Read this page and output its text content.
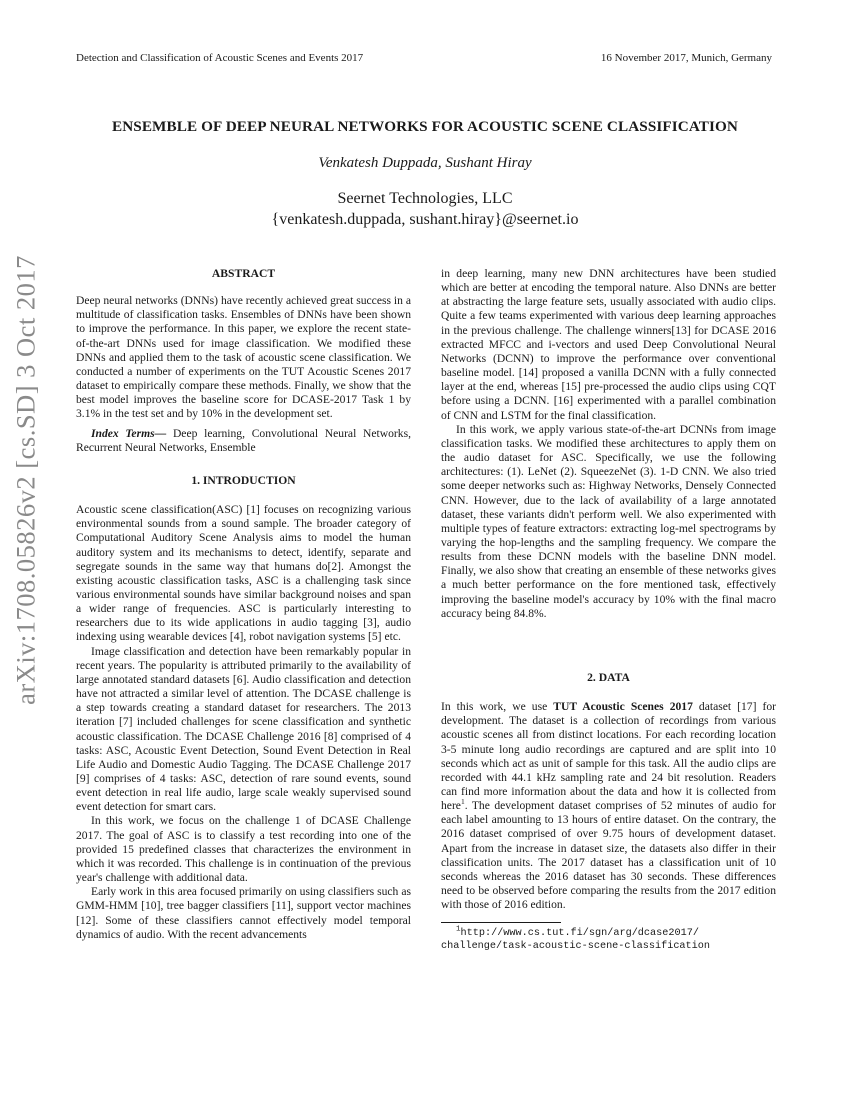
Detection and Classification of Acoustic Scenes and Events 2017	16 November 2017, Munich, Germany
ENSEMBLE OF DEEP NEURAL NETWORKS FOR ACOUSTIC SCENE CLASSIFICATION
Venkatesh Duppada, Sushant Hiray
Seernet Technologies, LLC
{venkatesh.duppada, sushant.hiray}@seernet.io
arXiv:1708.05826v2 [cs.SD] 3 Oct 2017	ABSTRACT

Deep neural networks (DNNs) have recently achieved great success in a multitude of classification tasks. Ensembles of DNNs have been shown to improve the performance. In this paper, we explore the recent state-of-the-art DNNs used for image classification. We modified these DNNs and applied them to the task of acoustic scene classification. We conducted a number of experiments on the TUT Acoustic Scenes 2017 dataset to empirically compare these methods. Finally, we show that the best model improves the baseline score for DCASE-2017 Task 1 by 3.1% in the test set and by 10% in the development set.

Index Terms— Deep learning, Convolutional Neural Networks, Recurrent Neural Networks, Ensemble

1. INTRODUCTION

Acoustic scene classification(ASC) [1] focuses on recognizing various environmental sounds from a sound sample. The broader category of Computational Auditory Scene Analysis aims to model the human auditory system and its mechanisms to detect, identify, separate and segregate sounds in the same way that humans do[2]. Amongst the existing acoustic classification tasks, ASC is a challenging task since various environmental sounds have similar background noises and span a wider range of frequencies. ASC is particularly interesting to researchers due to its wide applications in audio tagging [3], audio indexing using wearable devices [4], robot navigation systems [5] etc.

Image classification and detection have been remarkably popular in recent years. The popularity is attributed primarily to the availability of large annotated standard datasets [6]. Audio classification and detection have not attracted a similar level of attention. The DCASE challenge is a step towards creating a standard dataset for researchers. The 2013 iteration [7] included challenges for scene classification and synthetic acoustic classification. The DCASE Challenge 2016 [8] comprised of 4 tasks: ASC, Acoustic Event Detection, Sound Event Detection in Real Life Audio and Domestic Audio Tagging. The DCASE Challenge 2017 [9] comprises of 4 tasks: ASC, detection of rare sound events, sound event detection in real life audio, large scale weakly supervised sound event detection for smart cars.

In this work, we focus on the challenge 1 of DCASE Challenge 2017. The goal of ASC is to classify a test recording into one of the provided 15 predefined classes that characterizes the environment in which it was recorded. This challenge is in continuation of the previous year's challenge with additional data.

Early work in this area focused primarily on using classifiers such as GMM-HMM [10], tree bagger classifiers [11], support vector machines [12]. Some of these classifiers cannot effectively model temporal dynamics of audio. With the recent advancements

in deep learning, many new DNN architectures have been studied which are better at encoding the temporal nature. Also DNNs are better at abstracting the large feature sets, usually associated with audio clips. Quite a few teams experimented with various deep learning approaches in the previous challenge. The challenge winners[13] for DCASE 2016 extracted MFCC and i-vectors and used Deep Convolutional Neural Networks (DCNN) to improve the performance over conventional baseline model. [14] proposed a vanilla DCNN with a fully connected layer at the end, whereas [15] pre-processed the audio clips using CQT before using a DCNN. [16] experimented with a parallel combination of CNN and LSTM for the final classification.

In this work, we apply various state-of-the-art DCNNs from image classification tasks. We modified these architectures to apply them on the audio dataset for ASC. Specifically, we use the following architectures: (1). LeNet (2). SqueezeNet (3). 1-D CNN. We also tried some deeper networks such as: Highway Networks, Densely Connected CNN. However, due to the lack of availability of a large annotated dataset, these variants didn't perform well. We also experimented with multiple types of feature extractors: extracting log-mel spectrograms by varying the hop-lengths and the sampling frequency. We compare the results from these DCNN models with the baseline DNN model. Finally, we also show that creating an ensemble of these networks gives a much better performance on the fore mentioned task, effectively improving the baseline model's accuracy by 10% with the final macro accuracy being 84.8%.

2. DATA

In this work, we use TUT Acoustic Scenes 2017 dataset [17] for development. The dataset is a collection of recordings from various acoustic scenes all from distinct locations. For each recording location 3-5 minute long audio recordings are captured and are split into 10 seconds which act as unit of sample for this task. All the audio clips are recorded with 44.1 kHz sampling rate and 24 bit resolution. Readers can find more information about the data and how it is collected from here$^1$. The development dataset comprises of 52 minutes of audio for each label amounting to 13 hours of entire dataset. On the contrary, the 2016 dataset comprised of over 9.75 hours of development dataset. Apart from the increase in dataset size, the datasets also differ in their classification units. The 2017 dataset has a classification unit of 10 seconds whereas the 2016 dataset has 30 seconds. These differences need to be observed before comparing the results from the 2017 edition with those of 2016 edition.

$^1$http://www.cs.tut.fi/sgn/arg/dcase2017/
challenge/task-acoustic-scene-classification
